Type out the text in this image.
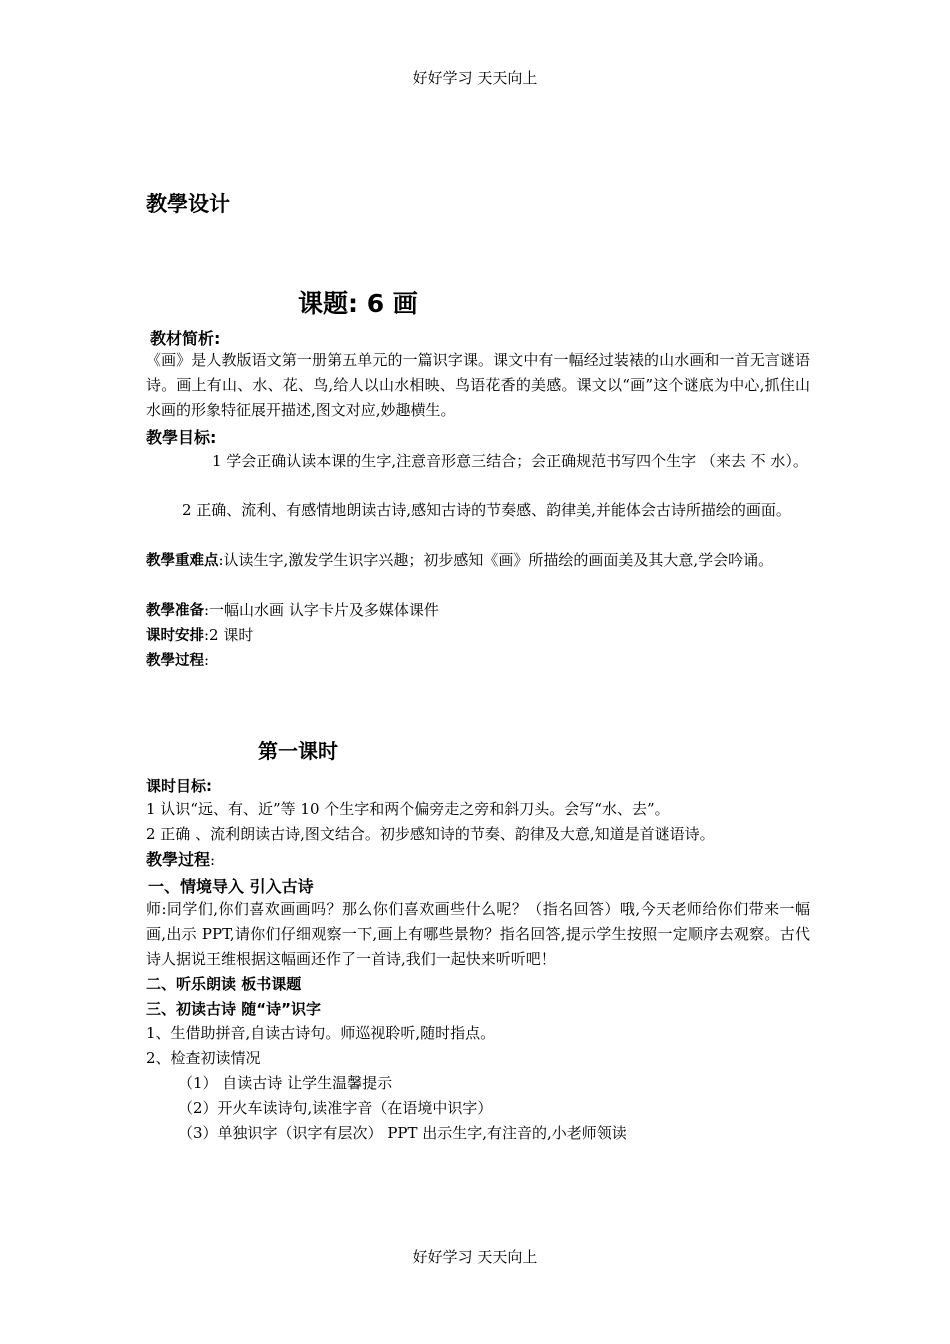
好好学习 天天向上
教學设计
课题: 6 画
教材简析:
《画》是人教版语文第一册第五单元的一篇识字课。课文中有一幅经过装裱的山水画和一首无言谜语诗。画上有山、水、花、鸟,给人以山水相映、鸟语花香的美感。课文以“画”这个谜底为中心,抓住山水画的形象特征展开描述,图文对应,妙趣横生。
教學目标:
1 学会正确认读本课的生字,注意音形意三结合；会正确规范书写四个生字 （来去 不 水）。
2 正确、流利、有感情地朗读古诗,感知古诗的节奏感、韵律美,并能体会古诗所描绘的画面。
教學重难点:认读生字,激发学生识字兴趣；初步感知《画》所描绘的画面美及其大意,学会吟诵。
教學准备:一幅山水画 认字卡片及多媒体课件
课时安排:2 课时
教學过程:
第一课时
课时目标:
1 认识“远、有、近”等 10 个生字和两个偏旁走之旁和斜刀头。会写“水、去”。
2 正确 、流利朗读古诗,图文结合。初步感知诗的节奏、韵律及大意,知道是首谜语诗。
教學过程:
一、情境导入 引入古诗
师:同学们,你们喜欢画画吗？那么你们喜欢画些什么呢？（指名回答）哦,今天老师给你们带来一幅画,出示 PPT,请你们仔细观察一下,画上有哪些景物？指名回答,提示学生按照一定顺序去观察。古代诗人据说王维根据这幅画还作了一首诗,我们一起快来听听吧！
二、听乐朗读 板书课题
三、初读古诗 随“诗”识字
1、生借助拼音,自读古诗句。师巡视聆听,随时指点。
2、检查初读情况
（1） 自读古诗 让学生温馨提示
（2）开火车读诗句,读准字音（在语境中识字）
（3）单独识字（识字有层次） PPT 出示生字,有注音的,小老师领读
好好学习 天天向上
